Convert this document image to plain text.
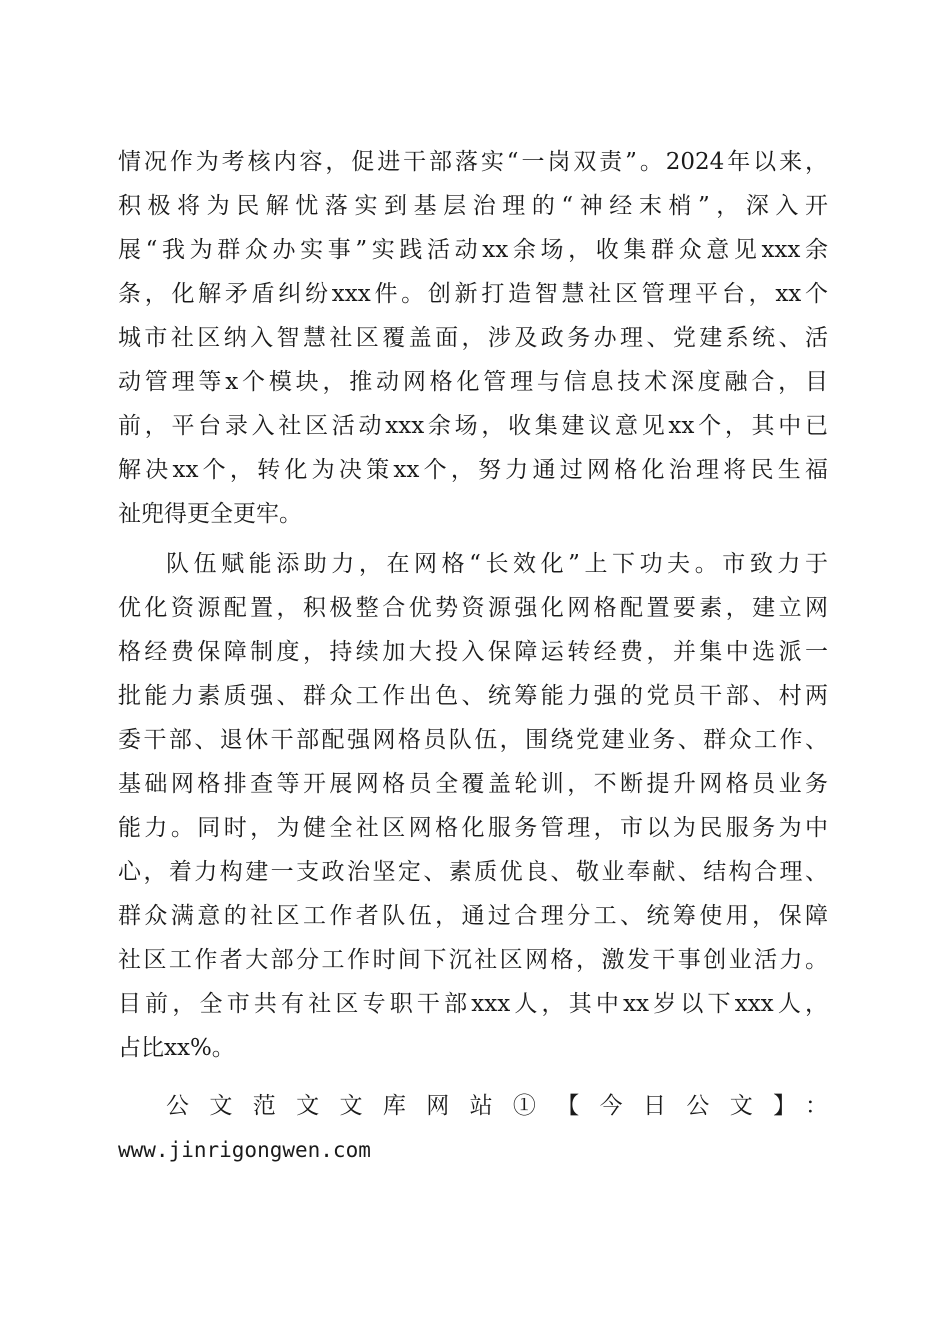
情况作为考核内容，促进干部落实“一岗双责”。2024年以来，
积极将为民解忧落实到基层治理的“神经末梢”，深入开
展“我为群众办实事”实践活动xx余场，收集群众意见xxx余
条，化解矛盾纠纷xxx件。创新打造智慧社区管理平台，xx个
城市社区纳入智慧社区覆盖面，涉及政务办理、党建系统、活
动管理等x个模块，推动网格化管理与信息技术深度融合，目
前，平台录入社区活动xxx余场，收集建议意见xx个，其中已
解决xx个，转化为决策xx个，努力通过网格化治理将民生福
祉兜得更全更牢。
队伍赋能添助力，在网格“长效化”上下功夫。市致力于
优化资源配置，积极整合优势资源强化网格配置要素，建立网
格经费保障制度，持续加大投入保障运转经费，并集中选派一
批能力素质强、群众工作出色、统筹能力强的党员干部、村两
委干部、退休干部配强网格员队伍，围绕党建业务、群众工作、
基础网格排查等开展网格员全覆盖轮训，不断提升网格员业务
能力。同时，为健全社区网格化服务管理，市以为民服务为中
心，着力构建一支政治坚定、素质优良、敬业奉献、结构合理、
群众满意的社区工作者队伍，通过合理分工、统筹使用，保障
社区工作者大部分工作时间下沉社区网格，激发干事创业活力。
目前，全市共有社区专职干部xxx人，其中xx岁以下xxx人，
占比xx%。
公文范文文库网站①【今日公文】：
www.jinrigongwen.com
